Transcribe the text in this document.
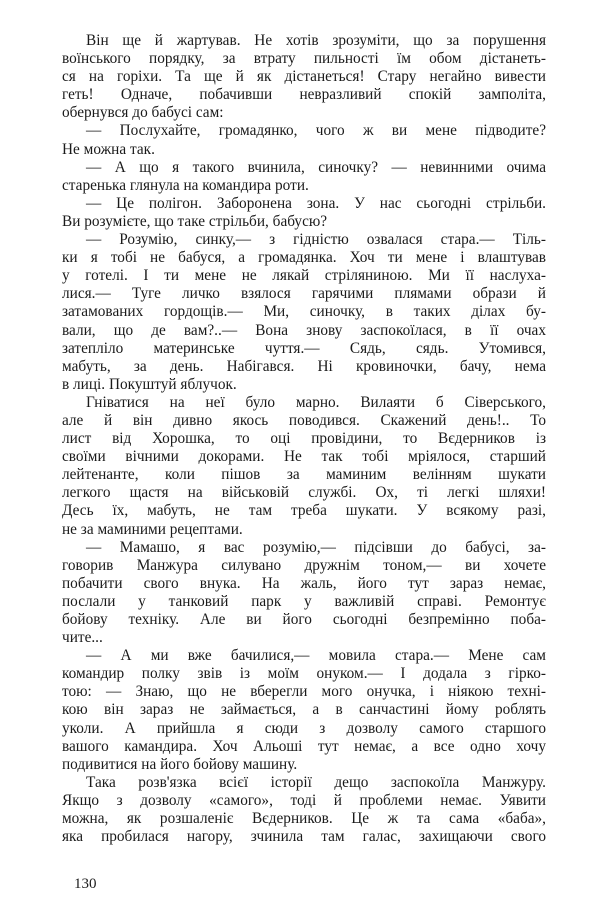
Він ще й жартував. Не хотів зрозуміти, що за порушення
воїнського порядку, за втрату пильності їм обом дістанеть-
ся на горіхи. Та ще й як дістанеться! Стару негайно вивести
геть! Одначе, побачивши невразливий спокій замполіта,
обернувся до бабусі сам:
— Послухайте, громадянко, чого ж ви мене підводите?
Не можна так.
— А що я такого вчинила, синочку? — невинними очима
старенька глянула на командира роти.
— Це полігон. Заборонена зона. У нас сьогодні стрільби.
Ви розумієте, що таке стрільби, бабусю?
— Розумію, синку,— з гідністю озвалася стара.— Тіль-
ки я тобі не бабуся, а громадянка. Хоч ти мене і влаштував
у готелі. І ти мене не лякай стріляниною. Ми її наслуха-
лися.— Туге личко взялося гарячими плямами образи й
затамованих гордощів.— Ми, синочку, в таких ділах бу-
вали, що де вам?..— Вона знову заспокоїлася, в її очах
затепліло материнське чуття.— Сядь, сядь. Утомився,
мабуть, за день. Набігався. Ні кровиночки, бачу, нема
в лиці. Покуштуй яблучок.
Гніватися на неї було марно. Вилаяти б Сіверського,
але й він дивно якось поводився. Скажений день!.. То
лист від Хорошка, то оці провідини, то Вєдерников із
своїми вічними докорами. Не так тобі мріялося, старший
лейтенанте, коли пішов за маминим велінням шукати
легкого щастя на військовій службі. Ох, ті легкі шляхи!
Десь їх, мабуть, не там треба шукати. У всякому разі,
не за маминими рецептами.
— Мамашо, я вас розумію,— підсівши до бабусі, за-
говорив Манжура силувано дружнім тоном,— ви хочете
побачити свого внука. На жаль, його тут зараз немає,
послали у танковий парк у важливій справі. Ремонтує
бойову техніку. Але ви його сьогодні безпремінно поба-
чите...
— А ми вже бачилися,— мовила стара.— Мене сам
командир полку звів із моїм онуком.— І додала з гірко-
тою: — Знаю, що не вберегли мого онучка, і ніякою техні-
кою він зараз не займається, а в санчастині йому роблять
уколи. А прийшла я сюди з дозволу самого старшого
вашого камандира. Хоч Альоші тут немає, а все одно хочу
подивитися на його бойову машину.
Така розв'язка всієї історії дещо заспокоїла Манжуру.
Якщо з дозволу «самого», тоді й проблеми немає. Уявити
можна, як розшаленіє Вєдерников. Це ж та сама «баба»,
яка пробилася нагору, зчинила там галас, захищаючи свого
130
